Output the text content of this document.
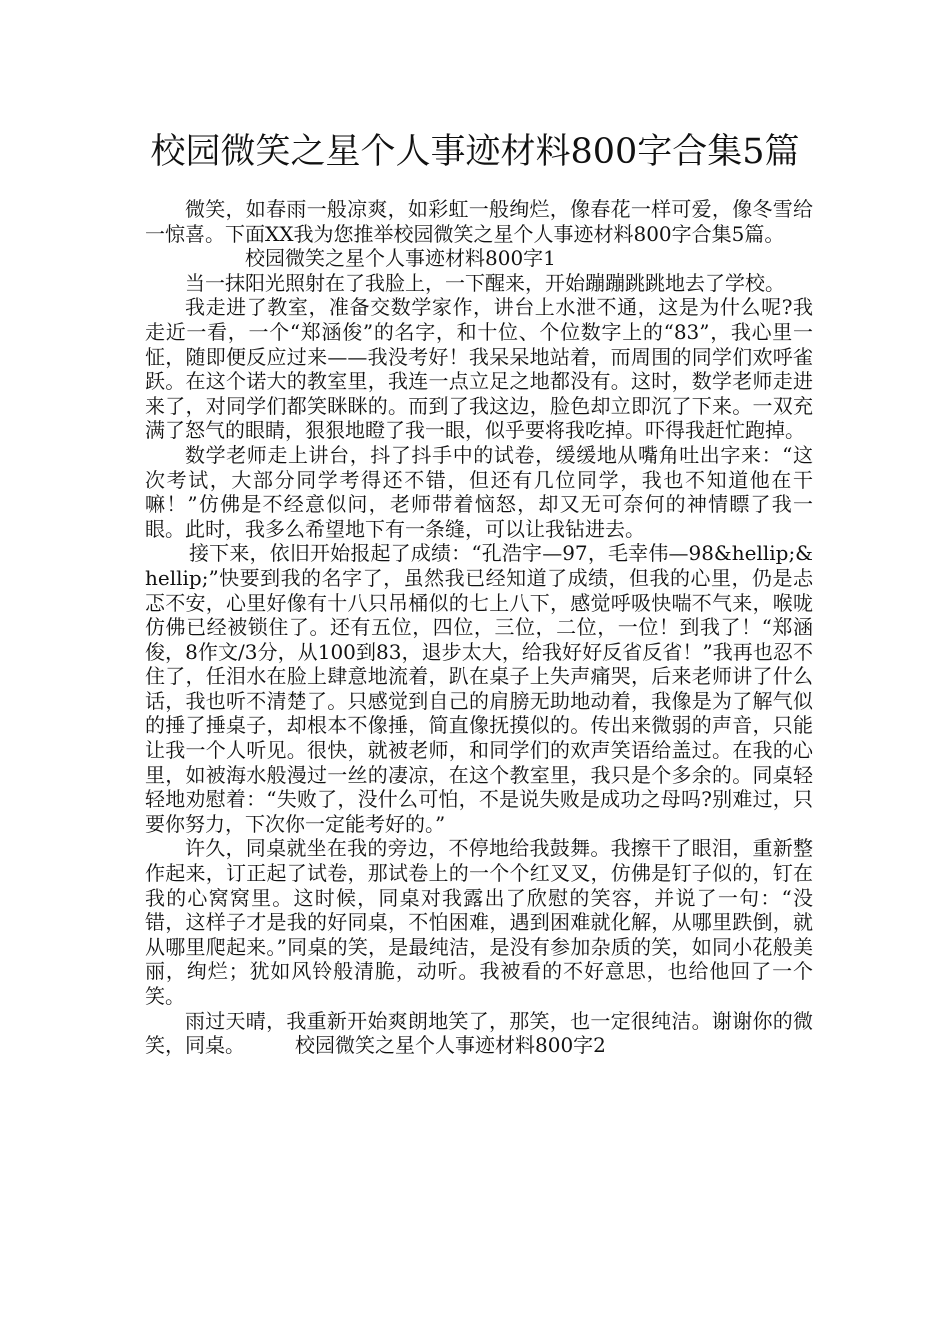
校园微笑之星个人事迹材料800字合集5篇

微笑，如春雨一般凉爽，如彩虹一般绚烂，像春花一样可爱，像冬雪给一惊喜。下面XX我为您推举校园微笑之星个人事迹材料800字合集5篇。

校园微笑之星个人事迹材料800字1

当一抹阳光照射在了我脸上，一下醒来，开始蹦蹦跳跳地去了学校。

我走进了教室，准备交数学家作，讲台上水泄不通，这是为什么呢?我走近一看，一个“郑涵俊”的名字，和十位、个位数字上的“83”，我心里一怔，随即便反应过来——我没考好！我呆呆地站着，而周围的同学们欢呼雀跃。在这个诺大的教室里，我连一点立足之地都没有。这时，数学老师走进来了，对同学们都笑眯眯的。而到了我这边，脸色却立即沉了下来。一双充满了怒气的眼睛，狠狠地瞪了我一眼，似乎要将我吃掉。吓得我赶忙跑掉。

数学老师走上讲台，抖了抖手中的试卷，缓缓地从嘴角吐出字来：“这次考试，大部分同学考得还不错，但还有几位同学，我也不知道他在干嘛！”仿佛是不经意似问，老师带着恼怒，却又无可奈何的神情瞟了我一眼。此时，我多么希望地下有一条缝，可以让我钻进去。

接下来，依旧开始报起了成绩：“孔浩宇—97，毛幸伟—98&hellip;&hellip;”快要到我的名字了，虽然我已经知道了成绩，但我的心里，仍是忐忑不安，心里好像有十八只吊桶似的七上八下，感觉呼吸快喘不气来，喉咙仿佛已经被锁住了。还有五位，四位，三位，二位，一位！到我了！“郑涵俊，8作文/3分，从100到83，退步太大，给我好好反省反省！”我再也忍不住了，任泪水在脸上肆意地流着，趴在桌子上失声痛哭，后来老师讲了什么话，我也听不清楚了。只感觉到自己的肩膀无助地动着，我像是为了解气似的捶了捶桌子，却根本不像捶，简直像抚摸似的。传出来微弱的声音，只能让我一个人听见。很快，就被老师，和同学们的欢声笑语给盖过。在我的心里，如被海水般漫过一丝的凄凉，在这个教室里，我只是个多余的。同桌轻轻地劝慰着：“失败了，没什么可怕，不是说失败是成功之母吗?别难过，只要你努力，下次你一定能考好的。”

许久，同桌就坐在我的旁边，不停地给我鼓舞。我擦干了眼泪，重新整作起来，订正起了试卷，那试卷上的一个个红叉叉，仿佛是钉子似的，钉在我的心窝窝里。这时候，同桌对我露出了欣慰的笑容，并说了一句：“没错，这样子才是我的好同桌，不怕困难，遇到困难就化解，从哪里跌倒，就从哪里爬起来。”同桌的笑，是最纯洁，是没有参加杂质的笑，如同小花般美丽，绚烂；犹如风铃般清脆，动听。我被看的不好意思，也给他回了一个笑。

雨过天晴，我重新开始爽朗地笑了，那笑，也一定很纯洁。谢谢你的微笑，同桌。　　　校园微笑之星个人事迹材料800字2
